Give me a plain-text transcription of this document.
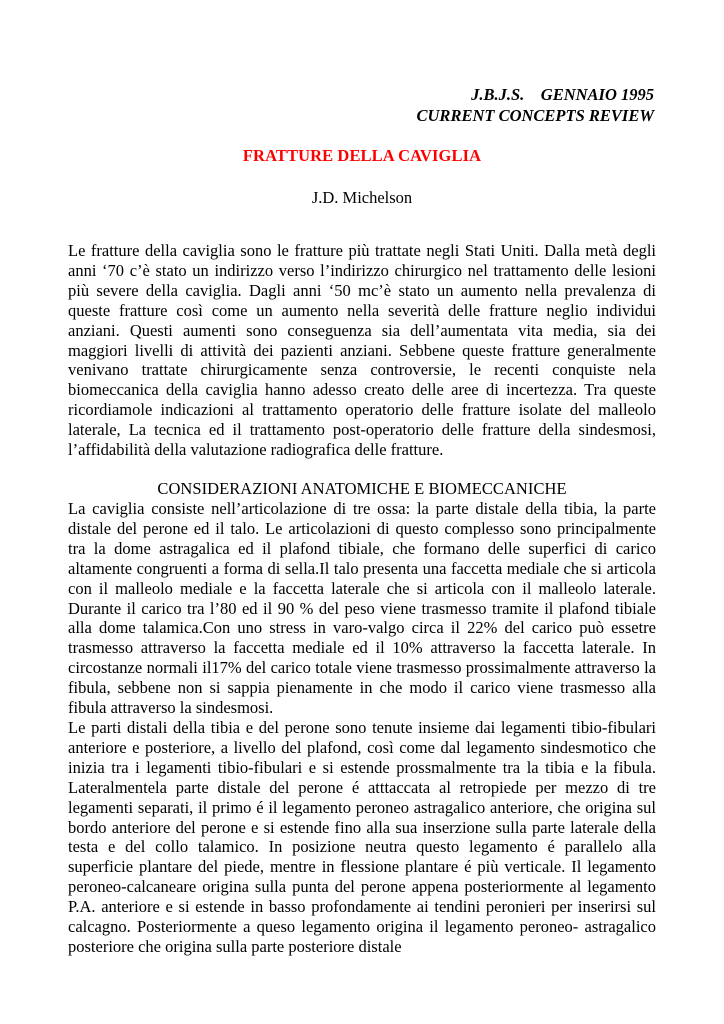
J.B.J.S.    GENNAIO 1995
CURRENT CONCEPTS REVIEW
FRATTURE DELLA CAVIGLIA
J.D. Michelson

Le fratture della caviglia sono le fratture più trattate negli Stati Uniti. Dalla metà degli anni ‘70 c’è stato un indirizzo verso l’indirizzo chirurgico nel trattamento delle lesioni più severe della caviglia. Dagli anni ‘50 mc’è stato un aumento nella prevalenza di queste fratture così come un aumento nella severità delle fratture neglio individui anziani. Questi aumenti sono conseguenza sia dell’aumentata vita media, sia dei maggiori livelli di attività dei pazienti anziani. Sebbene queste fratture generalmente venivano trattate chirurgicamente senza controversie, le recenti conquiste nela biomeccanica della caviglia hanno adesso creato delle aree di incertezza. Tra queste ricordiamole indicazioni al trattamento operatorio delle fratture isolate del malleolo laterale, La tecnica ed il trattamento post-operatorio delle fratture della sindesmosi, l’affidabilità della valutazione radiografica delle fratture.

CONSIDERAZIONI ANATOMICHE E BIOMECCANICHE

La caviglia consiste nell’articolazione di tre ossa: la parte distale della tibia, la parte distale del perone ed il talo. Le articolazioni di questo complesso sono principalmente tra la dome astragalica ed il plafond tibiale, che formano delle superfici di carico altamente congruenti a forma di sella.Il talo presenta una faccetta mediale che si articola con il malleolo mediale e la faccetta laterale che si articola con il malleolo laterale. Durante il carico tra l’80 ed il 90 % del peso viene trasmesso tramite il plafond tibiale alla dome talamica.Con uno stress in varo-valgo circa il 22% del carico può essetre trasmesso attraverso la faccetta mediale ed il 10% attraverso la faccetta laterale. In circostanze normali il17% del carico totale viene trasmesso prossimalmente attraverso la fibula, sebbene non si sappia pienamente in che modo il carico viene trasmesso alla fibula attraverso la sindesmosi.

Le parti distali della tibia e del perone sono tenute insieme dai legamenti tibio-fibulari anteriore e posteriore, a livello del plafond, così come dal legamento sindesmotico che inizia tra i legamenti tibio-fibulari e si estende prossmalmente tra la tibia e la fibula. Lateralmentela parte distale del perone é atttaccata al retropiede per mezzo di tre legamenti separati, il primo é il legamento peroneo astragalico anteriore, che origina sul bordo anteriore del perone e si estende fino alla sua inserzione sulla parte laterale della testa e del collo talamico. In posizione neutra questo legamento é parallelo alla superficie plantare del piede, mentre in flessione plantare é più verticale. Il legamento peroneo-calcaneare origina sulla punta del perone appena posteriormente al legamento P.A. anteriore e si estende in basso profondamente ai tendini peronieri per inserirsi sul calcagno. Posteriormente a queso legamento origina il legamento peroneo- astragalico posteriore che origina sulla parte posteriore distale
